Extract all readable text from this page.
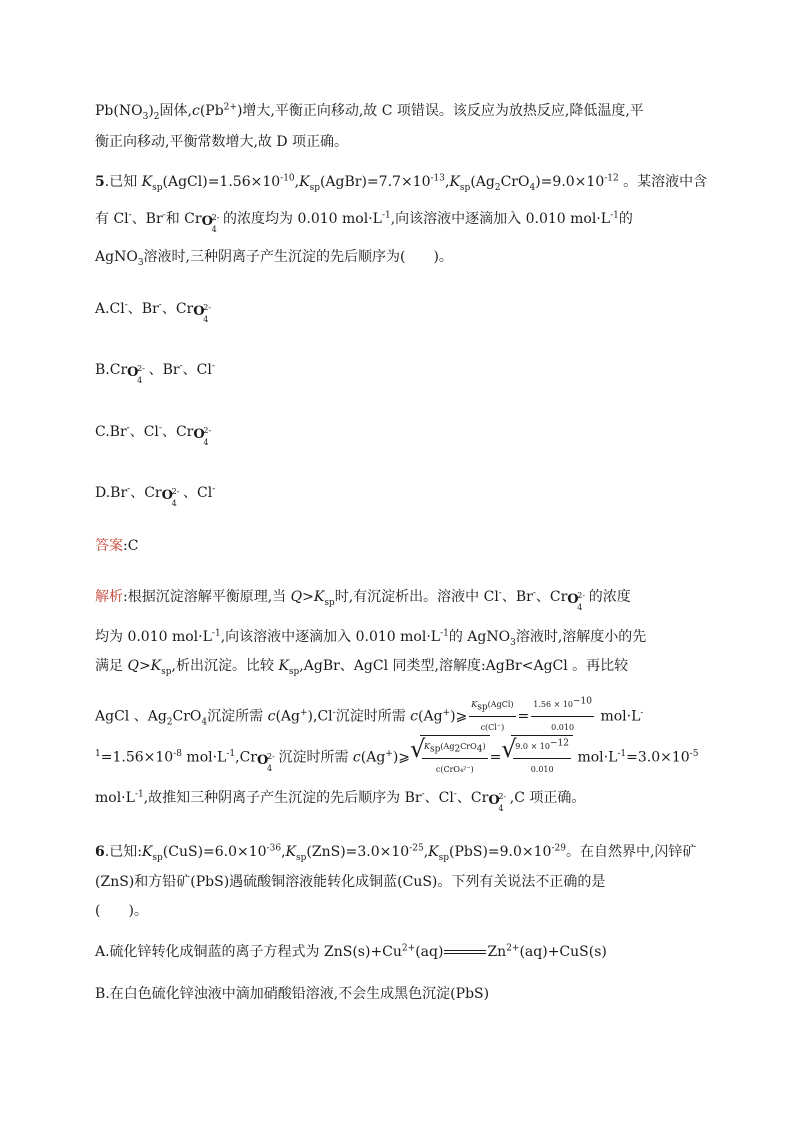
$Pb(NO_3)_2$固体$,c(Pb^{2+})$增大,平衡正向移动,故 C 项错误。该反应为放热反应,降低温度,平
衡正向移动,平衡常数增大,故 D 项正确。
5.已知 $K_{sp}(AgCl)=1.56\times 10^{-10},K_{sp}(AgBr)=7.7\times 10^{-13},K_{sp}(Ag_2CrO_4)=9.0\times 10^{-12}$ 。某溶液中含
有 Cl-、Br-和 Cr O
2-
4
的浓度均为 0.010 $mol\cdot L^{-1}$,向该溶液中逐滴加入 0.010 $mol\cdot L^{-1}$的
AgNO$_3$溶液时,三种阴离子产生沉淀的先后顺序为(　　)。
A.Cl-、Br-、Cr O
2-
4
B.Cr O
2-
4
、Br-、Cl-
C.Br-、Cl-、Cr O
2-
4
D.Br-、Cr O
2-
4
、Cl-
答案:C
解析:根据沉淀溶解平衡原理,当 $Q>K_{sp}$时,有沉淀析出。溶液中 Cl-、Br-、Cr O
2-
4
的浓度
均为 0.010 $mol\cdot L^{-1}$,向该溶液中逐滴加入 0.010 $mol\cdot L^{-1}$的 AgNO$_3$溶液时,溶解度小的先
满足 $Q>K_{sp}$,析出沉淀。比较 $K_{sp},AgBr$、AgCl 同类型,溶解度:AgBr<AgCl 。再比较
AgCl 、$Ag_2CrO_4$沉淀所需 c(Ag+),Cl-沉淀时所需 c(Ag+)⩾ $\frac{K_{sp}(AgCl)}{c(Cl^-)} = \frac{1.56 \times 10^{-10}}{0.010} mol\cdot L^-$
$^1=1.56\times 10^{-8}$ $mol\cdot L^{-1},Cr$ O
2-
4
沉淀时所需 c(Ag+)⩾ √
$\frac{K_{sp}(Ag_2CrO_4)}{\text{c(CrO₄²⁻)}}$ = √
$\frac{9.0 \times 10^{-12}}{0.010} mol\cdot L^{-1}=3.0\times 10^{-5}$
$mol\cdot L^{-1}$,故推知三种阴离子产生沉淀的先后顺序为 Br-、Cl-、Cr O
2-
4
,C 项正确。
6.已知$:K_{sp}(CuS)=6.0\times 10^{-36},K_{sp}(ZnS)=3.0\times 10^{-25},K_{sp}(PbS)=9.0\times 10^{-29}$。在自然界中,闪锌矿
(ZnS)和方铅矿(PbS)遇硫酸铜溶液能转化成铜蓝(CuS)。下列有关说法不正确的是
(　　)。
A.硫化锌转化成铜蓝的离子方程式为 $ZnS(s)+Cu^{2+}(aq)$	$Zn^{2+}(aq)+CuS(s)$
B.在白色硫化锌浊液中滴加硝酸铅溶液,不会生成黑色沉淀(PbS)
